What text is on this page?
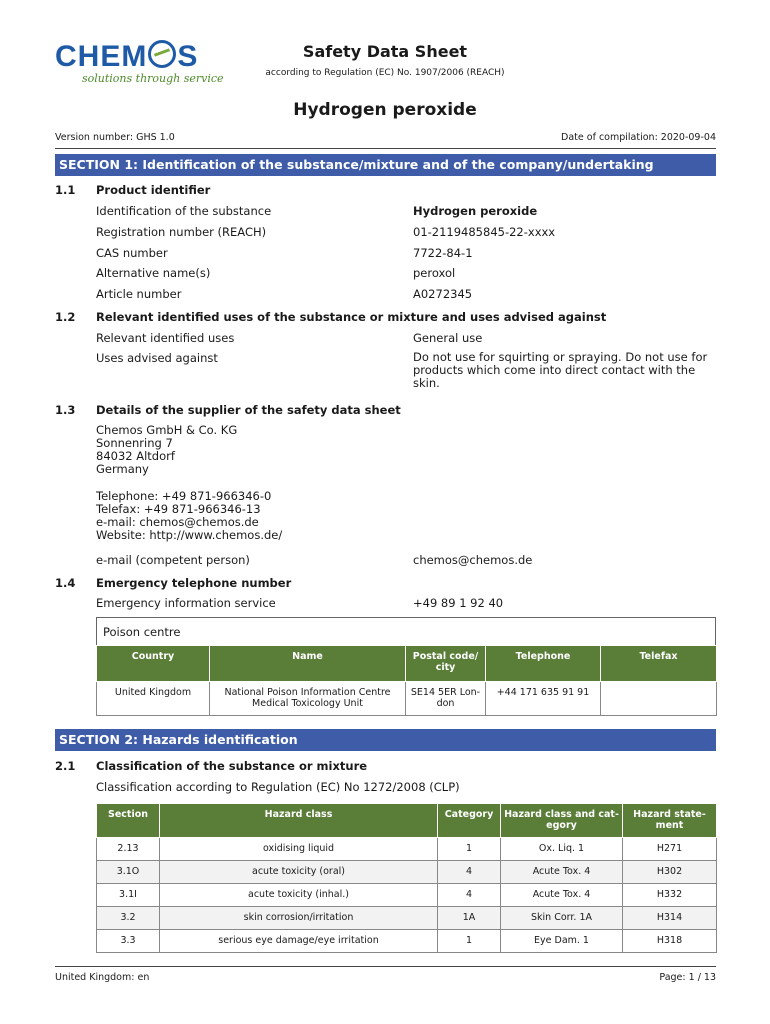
CHEM S
solutions through service
Safety Data Sheet
according to Regulation (EC) No. 1907/2006 (REACH)
Hydrogen peroxide
Version number: GHS 1.0	Date of compilation: 2020-09-04
SECTION 1: Identification of the substance/mixture and of the company/undertaking
1.1 Product identifier
Identification of the substance	Hydrogen peroxide
Registration number (REACH)	01-2119485845-22-xxxx
CAS number	7722-84-1
Alternative name(s)	peroxol
Article number	A0272345
1.2 Relevant identified uses of the substance or mixture and uses advised against
Relevant identified uses	General use
Uses advised against	Do not use for squirting or spraying. Do not use for products which come into direct contact with the skin.
1.3 Details of the supplier of the safety data sheet
Chemos GmbH & Co. KG
Sonnenring 7
84032 Altdorf
Germany
Telephone: +49 871-966346-0
Telefax: +49 871-966346-13
e-mail: chemos@chemos.de
Website: http://www.chemos.de/
e-mail (competent person)	chemos@chemos.de
1.4 Emergency telephone number
Emergency information service	+49 89 1 92 40
Poison centre
Country	Name	Postal code/ city	Telephone	Telefax
United Kingdom	National Poison Information Centre Medical Toxicology Unit	SE14 5ER Lon- don	+44 171 635 91 91	
SECTION 2: Hazards identification
2.1 Classification of the substance or mixture
Classification according to Regulation (EC) No 1272/2008 (CLP)
Section	Hazard class	Category	Hazard class and cat- egory	Hazard state- ment
2.13	oxidising liquid	1	Ox. Liq. 1	H271
3.1O	acute toxicity (oral)	4	Acute Tox. 4	H302
3.1I	acute toxicity (inhal.)	4	Acute Tox. 4	H332
3.2	skin corrosion/irritation	1A	Skin Corr. 1A	H314
3.3	serious eye damage/eye irritation	1	Eye Dam. 1	H318
United Kingdom: en	Page: 1 / 13
